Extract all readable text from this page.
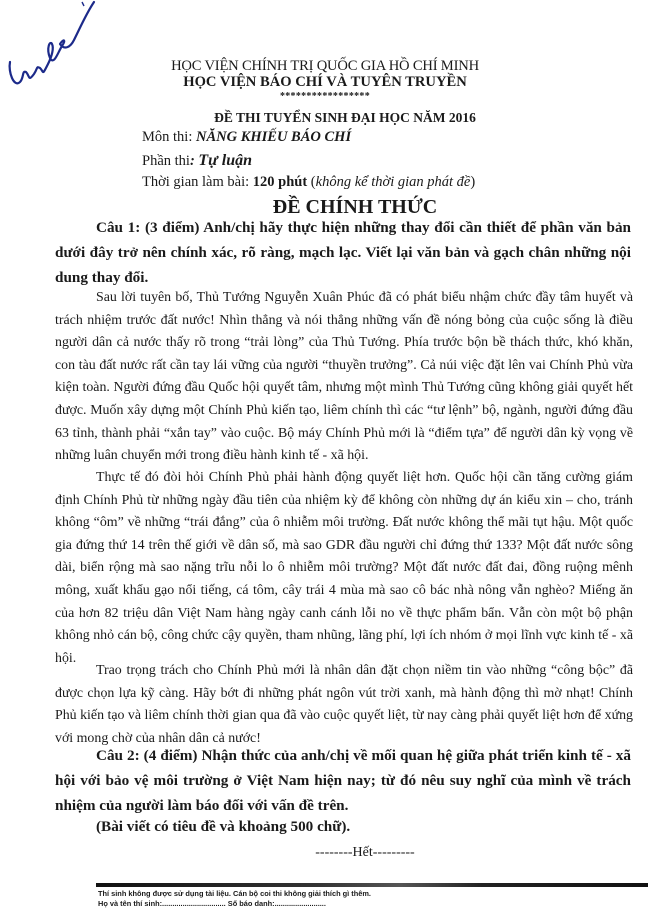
HỌC VIỆN CHÍNH TRỊ QUỐC GIA HỒ CHÍ MINH
HỌC VIỆN BÁO CHÍ VÀ TUYÊN TRUYỀN
*****************
ĐỀ THI TUYỂN SINH ĐẠI HỌC NĂM 2016
Môn thi: NĂNG KHIẾU BÁO CHÍ
Phần thi: Tự luận
Thời gian làm bài: 120 phút (không kể thời gian phát đề)
ĐỀ CHÍNH THỨC
Câu 1: (3 điểm) Anh/chị hãy thực hiện những thay đổi cần thiết để phần văn bản dưới đây trở nên chính xác, rõ ràng, mạch lạc. Viết lại văn bản và gạch chân những nội dung thay đổi.

Sau lời tuyên bố, Thủ Tướng Nguyễn Xuân Phúc đã có phát biểu nhậm chức đầy tâm huyết và trách nhiệm trước đất nước! Nhìn thẳng và nói thẳng những vấn đề nóng bỏng của cuộc sống là điều người dân cả nước thấy rõ trong “trải lòng” của Thủ Tướng. Phía trước bộn bề thách thức, khó khăn, con tàu đất nước rất cần tay lái vững của người “thuyền trưởng”. Cả núi việc đặt lên vai Chính Phủ vừa kiện toàn. Người đứng đầu Quốc hội quyết tâm, nhưng một mình Thủ Tướng cũng không giải quyết hết được. Muốn xây dựng một Chính Phủ kiến tạo, liêm chính thì các “tư lệnh” bộ, ngành, người đứng đầu 63 tỉnh, thành phải “xắn tay” vào cuộc. Bộ máy Chính Phủ mới là “điểm tựa” để người dân kỳ vọng về những luân chuyển mới trong điều hành kinh tế - xã hội.

Thực tế đó đòi hỏi Chính Phủ phải hành động quyết liệt hơn. Quốc hội cần tăng cường giám định Chính Phủ từ những ngày đầu tiên của nhiệm kỳ để không còn những dự án kiểu xin – cho, tránh không “ôm” về những “trái đắng” của ô nhiễm môi trường. Đất nước không thể mãi tụt hậu. Một quốc gia đứng thứ 14 trên thế giới về dân số, mà sao GDR đầu người chỉ đứng thứ 133? Một đất nước sông dài, biển rộng mà sao nặng trĩu nỗi lo ô nhiễm môi trường? Một đất nước đất đai, đồng ruộng mênh mông, xuất khẩu gạo nổi tiếng, cá tôm, cây trái 4 mùa mà sao cô bác nhà nông vẫn nghèo? Miếng ăn của hơn 82 triệu dân Việt Nam hàng ngày canh cánh lỗi no về thực phẩm bẩn. Vẫn còn một bộ phận không nhỏ cán bộ, công chức cậy quyền, tham nhũng, lãng phí, lợi ích nhóm ở mọi lĩnh vực kinh tế - xã hội.

Trao trọng trách cho Chính Phủ mới là nhân dân đặt chọn niềm tin vào những “công bộc” đã được chọn lựa kỹ càng. Hãy bớt đi những phát ngôn vút trời xanh, mà hành động thì mờ nhạt! Chính Phủ kiến tạo và liêm chính thời gian qua đã vào cuộc quyết liệt, từ nay càng phải quyết liệt hơn để xứng với mong chờ của nhân dân cả nước!

Câu 2: (4 điểm) Nhận thức của anh/chị về mối quan hệ giữa phát triển kinh tế - xã hội với bảo vệ môi trường ở Việt Nam hiện nay; từ đó nêu suy nghĩ của mình về trách nhiệm của người làm báo đối với vấn đề trên.
(Bài viết có tiêu đề và khoảng 500 chữ).
--------Hết---------
Thí sinh không được sử dụng tài liệu. Cán bộ coi thi không giải thích gì thêm.
Họ và tên thí sinh:............................... Số báo danh:.........................
